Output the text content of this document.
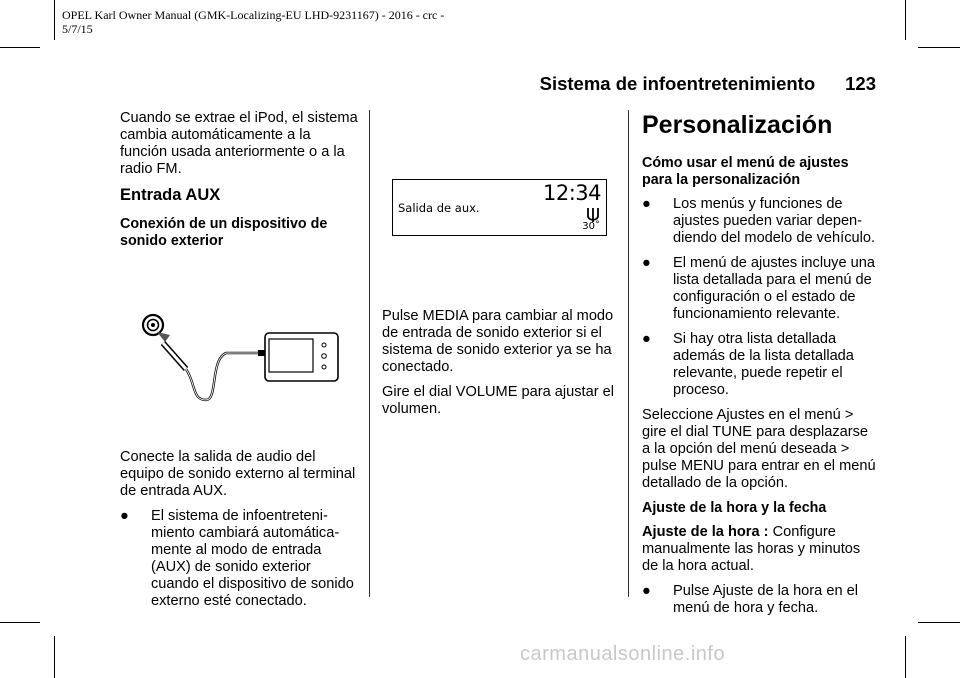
OPEL Karl Owner Manual (GMK-Localizing-EU LHD-9231167) - 2016 - crc -
5/7/15
Sistema de infoentretenimiento 123

Cuando se extrae el iPod, el sistema cambia automáticamente a la función usada anteriormente o a la radio FM.

Entrada AUX
Conexión de un dispositivo de sonido exterior

Conecte la salida de audio del equipo de sonido externo al terminal de entrada AUX.

● El sistema de infoentreteni- miento cambiará automática- mente al modo de entrada (AUX) de sonido exterior cuando el dispositivo de sonido externo esté conectado.
12:34
Salida de aux.
30˚

Pulse MEDIA para cambiar al modo de entrada de sonido exterior si el sistema de sonido exterior ya se ha conectado.

Gire el dial VOLUME para ajustar el volumen.

Personalización
Cómo usar el menú de ajustes para la personalización
● Los menús y funciones de ajustes pueden variar depen- diendo del modelo de vehículo.
● El menú de ajustes incluye una lista detallada para el menú de configuración o el estado de funcionamiento relevante.
● Si hay otra lista detallada además de la lista detallada relevante, puede repetir el proceso.

Seleccione Ajustes en el menú > gire el dial TUNE para desplazarse a la opción del menú deseada > pulse MENU para entrar en el menú detallado de la opción.

Ajuste de la hora y la fecha

Ajuste de la hora : Configure manualmente las horas y minutos de la hora actual.

● Pulse Ajuste de la hora en el menú de hora y fecha.
carmanualsonline.info
